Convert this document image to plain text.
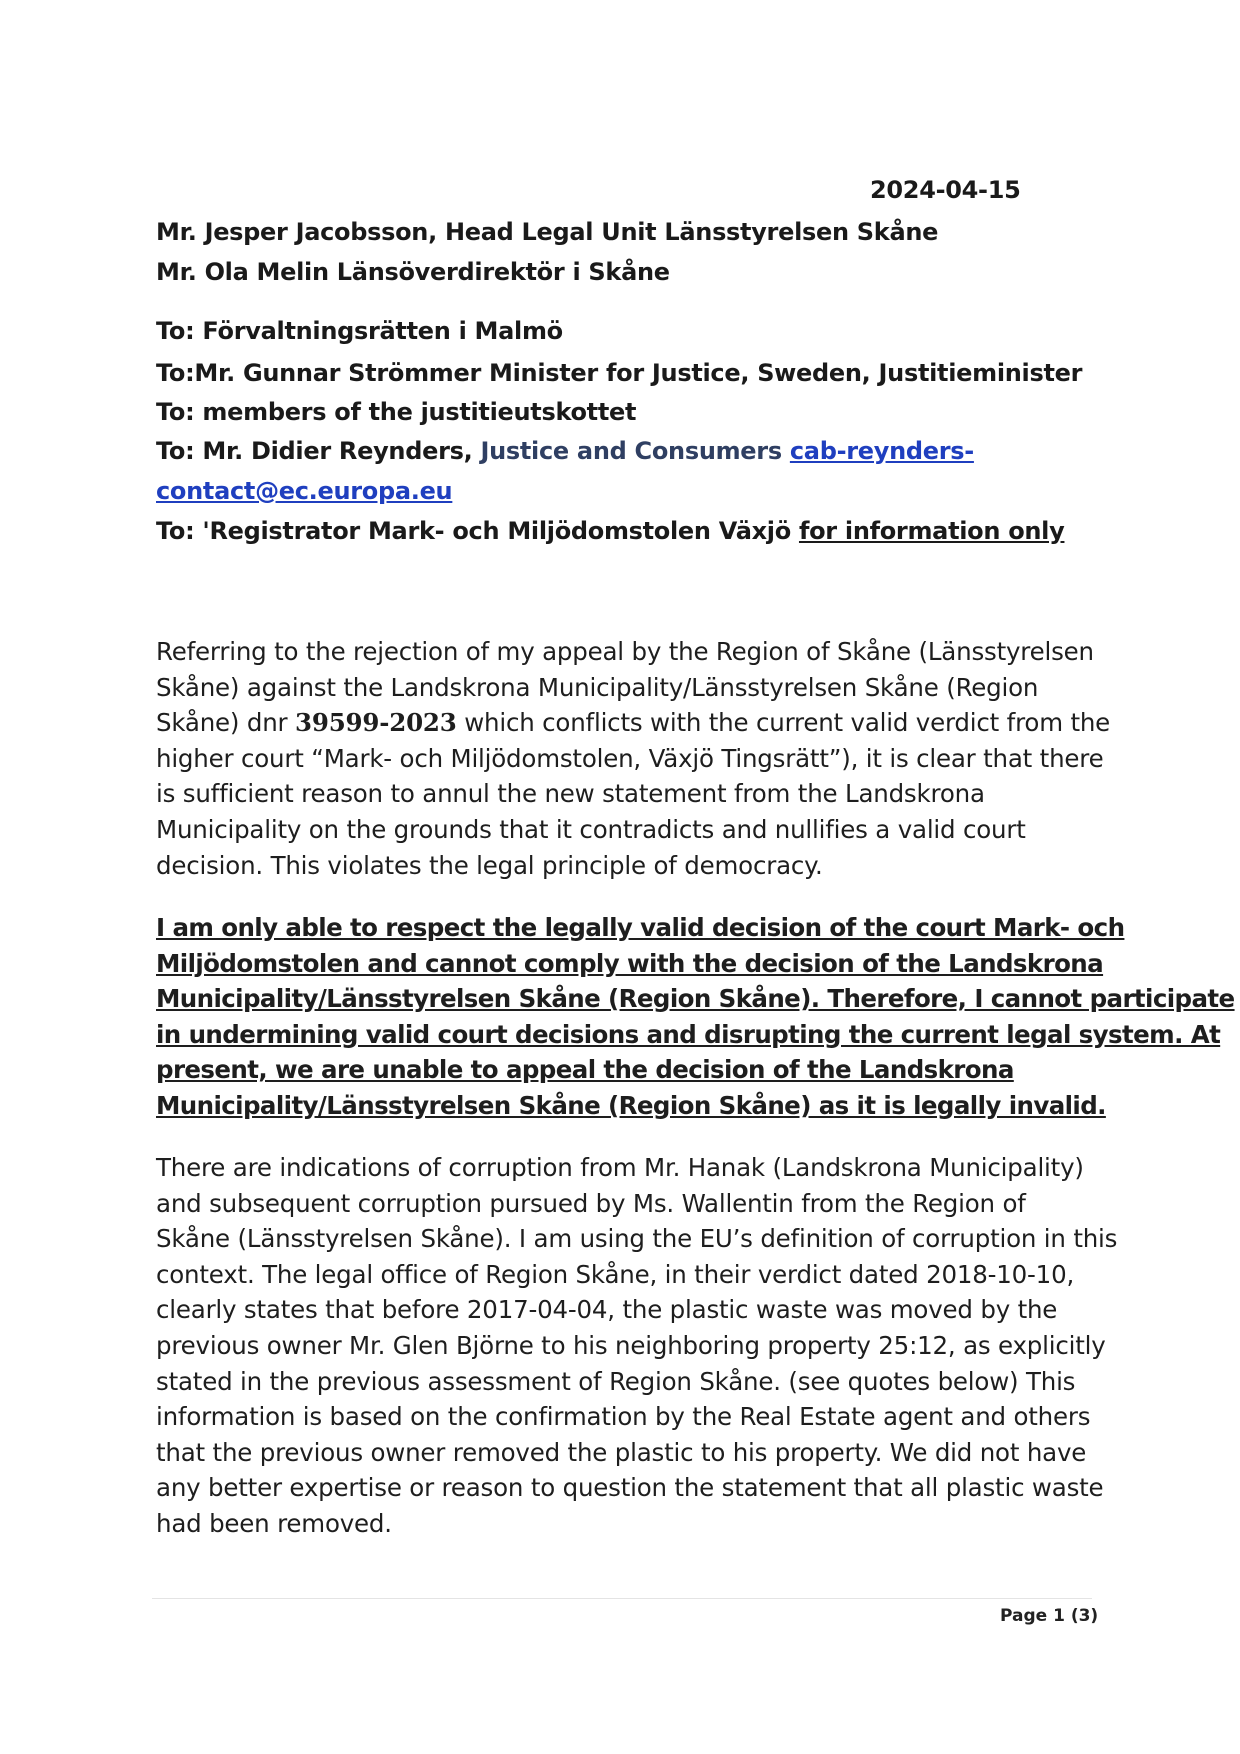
2024-04-15
Mr. Jesper Jacobsson, Head Legal Unit Länsstyrelsen Skåne
Mr. Ola Melin Länsöverdirektör i Skåne
To: Förvaltningsrätten i Malmö
To:Mr. Gunnar Strömmer Minister for Justice, Sweden, Justitieminister
To: members of the justitieutskottet
To: Mr. Didier Reynders, Justice and Consumers cab-reynders-
contact@ec.europa.eu
To: 'Registrator Mark- och Miljödomstolen Växjö for information only
Referring to the rejection of my appeal by the Region of Skåne (Länsstyrelsen
Skåne) against the Landskrona Municipality/Länsstyrelsen Skåne (Region
Skåne) dnr 39599-2023 which conflicts with the current valid verdict from the
higher court “Mark- och Miljödomstolen, Växjö Tingsrätt”), it is clear that there
is sufficient reason to annul the new statement from the Landskrona
Municipality on the grounds that it contradicts and nullifies a valid court
decision. This violates the legal principle of democracy.
I am only able to respect the legally valid decision of the court Mark- och
Miljödomstolen and cannot comply with the decision of the Landskrona
Municipality/Länsstyrelsen Skåne (Region Skåne). Therefore, I cannot participate
in undermining valid court decisions and disrupting the current legal system. At
present, we are unable to appeal the decision of the Landskrona
Municipality/Länsstyrelsen Skåne (Region Skåne) as it is legally invalid.
There are indications of corruption from Mr. Hanak (Landskrona Municipality)
and subsequent corruption pursued by Ms. Wallentin from the Region of
Skåne (Länsstyrelsen Skåne). I am using the EU’s definition of corruption in this
context. The legal office of Region Skåne, in their verdict dated 2018-10-10,
clearly states that before 2017-04-04, the plastic waste was moved by the
previous owner Mr. Glen Björne to his neighboring property 25:12, as explicitly
stated in the previous assessment of Region Skåne. (see quotes below) This
information is based on the confirmation by the Real Estate agent and others
that the previous owner removed the plastic to his property. We did not have
any better expertise or reason to question the statement that all plastic waste
had been removed.
Page 1 (3)
